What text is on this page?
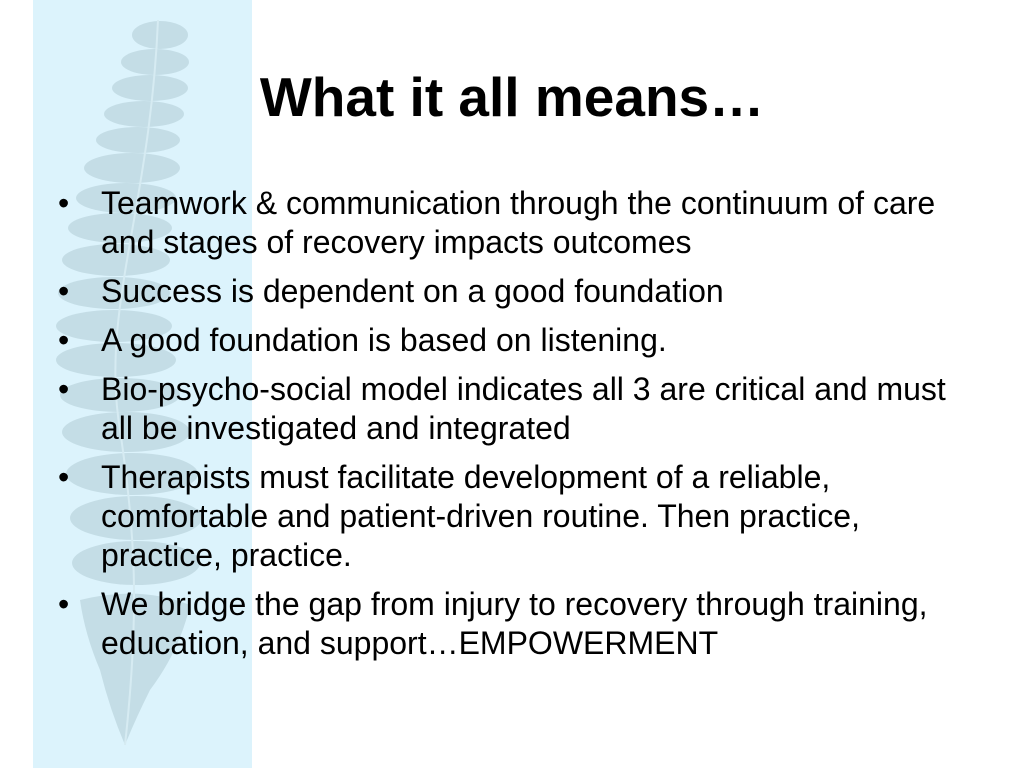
What it all means…
• Teamwork & communication through the continuum of care and stages of recovery impacts outcomes
• Success is dependent on a good foundation
• A good foundation is based on listening.
• Bio-psycho-social model indicates all 3 are critical and must all be investigated and integrated
• Therapists must facilitate development of a reliable, comfortable and patient-driven routine. Then practice, practice, practice.
• We bridge the gap from injury to recovery through training, education, and support…EMPOWERMENT
